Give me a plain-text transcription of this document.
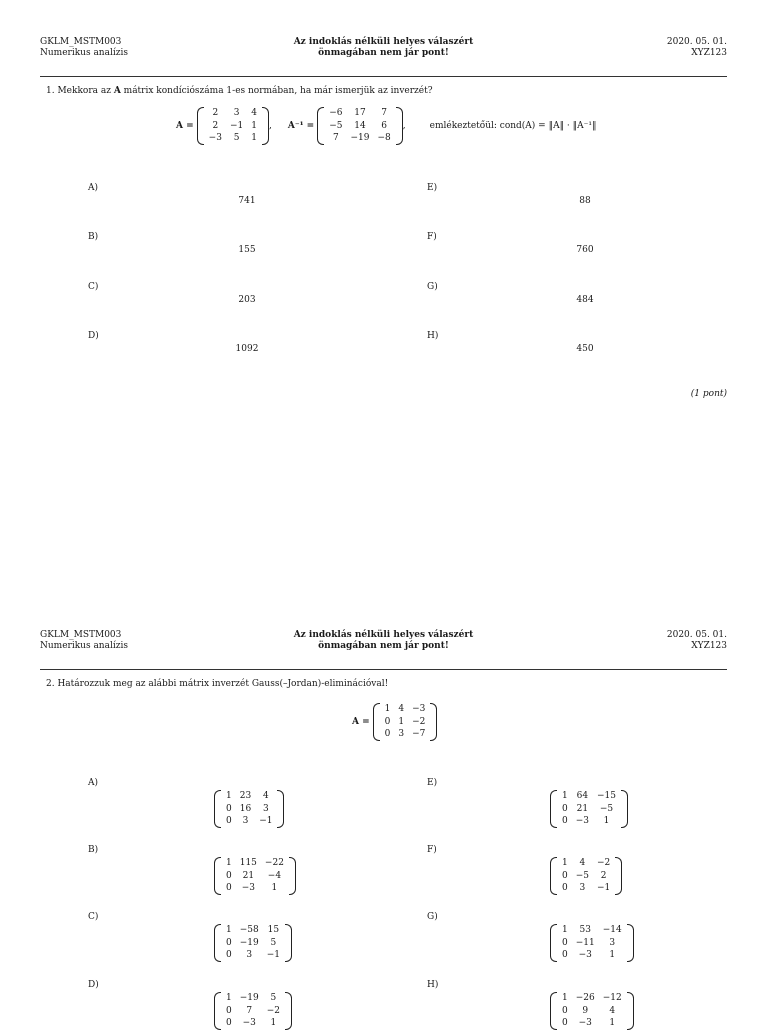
GKLM_MSTM003
Numerikus analízis
Az indoklás nélküli helyes válaszért
önmagában nem jár pont!
2020. 05. 01.
XYZ123
1. Mekkora az A mátrix kondíciószáma 1-es normában, ha már ismerjük az inverzét?
A =
2	3	4
2	−1	1
−3	5	1
, A⁻¹ =
−6	17	7
−5	14	6
7	−19	−8
,	emlékeztetőül: cond(A) = ‖A‖ · ‖A⁻¹‖
A)
741
B)
155
C)
203
D)
1092
E)
88
F)
760
G)
484
H)
450
(1 pont)
GKLM_MSTM003
Numerikus analízis
Az indoklás nélküli helyes válaszért
önmagában nem jár pont!
2020. 05. 01.
XYZ123
2. Határozzuk meg az alábbi mátrix inverzét Gauss(–Jordan)-eliminációval!
A =
1	4	−3
0	1	−2
0	3	−7
A)
1	23	4
0	16	3
0	3	−1
B)
1	115	−22
0	21	−4
0	−3	1
C)
1	−58	15
0	−19	5
0	3	−1
D)
1	−19	5
0	7	−2
0	−3	1
E)
1	64	−15
0	21	−5
0	−3	1
F)
1	4	−2
0	−5	2
0	3	−1
G)
1	53	−14
0	−11	3
0	−3	1
H)
1	−26	−12
0	9	4
0	−3	1
